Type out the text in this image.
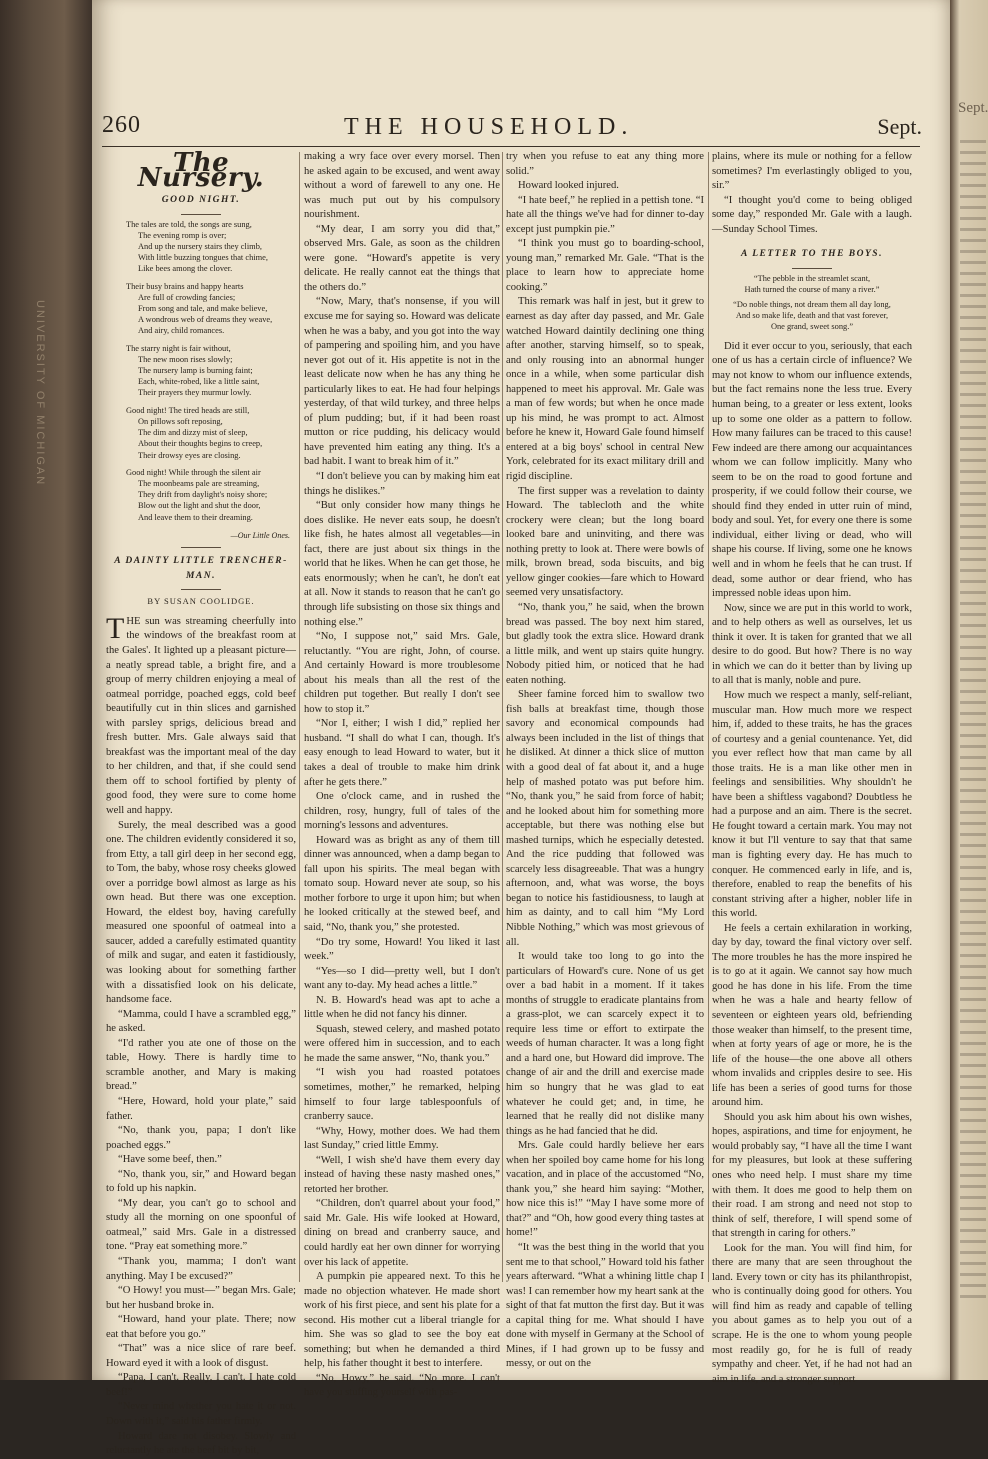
UNIVERSITY OF MICHIGAN
260	THE HOUSEHOLD.	Sept.
The Nursery.
GOOD NIGHT.
The tales are told, the songs are sung,
The evening romp is over;
And up the nursery stairs they climb,
With little buzzing tongues that chime,
Like bees among the clover.
Their busy brains and happy hearts
Are full of crowding fancies;
From song and tale, and make believe,
A wondrous web of dreams they weave,
And airy, child romances.
The starry night is fair without,
The new moon rises slowly;
The nursery lamp is burning faint;
Each, white-robed, like a little saint,
Their prayers they murmur lowly.
Good night! The tired heads are still,
On pillows soft reposing,
The dim and dizzy mist of sleep,
About their thoughts begins to creep,
Their drowsy eyes are closing.
Good night! While through the silent air
The moonbeams pale are streaming,
They drift from daylight's noisy shore;
Blow out the light and shut the door,
And leave them to their dreaming.
—Our Little Ones.
A DAINTY LITTLE TRENCHER-MAN.
BY SUSAN COOLIDGE.

THE sun was streaming cheerfully into the windows of the breakfast room at the Gales'. It lighted up a pleasant picture—a neatly spread table, a bright fire, and a group of merry children enjoying a meal of oatmeal porridge, poached eggs, cold beef beautifully cut in thin slices and garnished with parsley sprigs, delicious bread and fresh butter. Mrs. Gale always said that breakfast was the important meal of the day to her children, and that, if she could send them off to school fortified by plenty of good food, they were sure to come home well and happy.

Surely, the meal described was a good one. The children evidently considered it so, from Etty, a tall girl deep in her second egg, to Tom, the baby, whose rosy cheeks glowed over a porridge bowl almost as large as his own head. But there was one exception. Howard, the eldest boy, having carefully measured one spoonful of oatmeal into a saucer, added a carefully estimated quantity of milk and sugar, and eaten it fastidiously, was looking about for something farther with a dissatisfied look on his delicate, handsome face.

“Mamma, could I have a scrambled egg,” he asked.

“I'd rather you ate one of those on the table, Howy. There is hardly time to scramble another, and Mary is making bread.”

“Here, Howard, hold your plate,” said father.

“No, thank you, papa; I don't like poached eggs.”

“Have some beef, then.”

“No, thank you, sir,” and Howard began to fold up his napkin.

“My dear, you can't go to school and study all the morning on one spoonful of oatmeal,” said Mrs. Gale in a distressed tone. “Pray eat something more.”

“Thank you, mamma; I don't want anything. May I be excused?”

“O Howy! you must—” began Mrs. Gale; but her husband broke in.

“Howard, hand your plate. There; now eat that before you go.”

“That” was a nice slice of rare beef. Howard eyed it with a look of disgust.

“Papa, I can't. Really, I can't. I hate cold beef!”

“Never mind whether you hate it or not. Down with it,” said his father firmly.

Howard dare not disobey. Slowly and reluctantly he ate the beef bit by bit,

making a wry face over every morsel. Then he asked again to be excused, and went away without a word of farewell to any one. He was much put out by his compulsory nourishment.

“My dear, I am sorry you did that,” observed Mrs. Gale, as soon as the children were gone. “Howard's appetite is very delicate. He really cannot eat the things that the others do.”

“Now, Mary, that's nonsense, if you will excuse me for saying so. Howard was delicate when he was a baby, and you got into the way of pampering and spoiling him, and you have never got out of it. His appetite is not in the least delicate now when he has any thing he particularly likes to eat. He had four helpings yesterday, of that wild turkey, and three helps of plum pudding; but, if it had been roast mutton or rice pudding, his delicacy would have prevented him eating any thing. It's a bad habit. I want to break him of it.”

“I don't believe you can by making him eat things he dislikes.”

“But only consider how many things he does dislike. He never eats soup, he doesn't like fish, he hates almost all vegetables—in fact, there are just about six things in the world that he likes. When he can get those, he eats enormously; when he can't, he don't eat at all. Now it stands to reason that he can't go through life subsisting on those six things and nothing else.”

“No, I suppose not,” said Mrs. Gale, reluctantly. “You are right, John, of course. And certainly Howard is more troublesome about his meals than all the rest of the children put together. But really I don't see how to stop it.”

“Nor I, either; I wish I did,” replied her husband. “I shall do what I can, though. It's easy enough to lead Howard to water, but it takes a deal of trouble to make him drink after he gets there.”

One o'clock came, and in rushed the children, rosy, hungry, full of tales of the morning's lessons and adventures.

Howard was as bright as any of them till dinner was announced, when a damp began to fall upon his spirits. The meal began with tomato soup. Howard never ate soup, so his mother forbore to urge it upon him; but when he looked critically at the stewed beef, and said, “No, thank you,” she protested.

“Do try some, Howard! You liked it last week.”

“Yes—so I did—pretty well, but I don't want any to-day. My head aches a little.”

N. B. Howard's head was apt to ache a little when he did not fancy his dinner.

Squash, stewed celery, and mashed potato were offered him in succession, and to each he made the same answer, “No, thank you.”

“I wish you had roasted potatoes sometimes, mother,” he remarked, helping himself to four large tablespoonfuls of cranberry sauce.

“Why, Howy, mother does. We had them last Sunday,” cried little Emmy.

“Well, I wish she'd have them every day instead of having these nasty mashed ones,” retorted her brother.

“Children, don't quarrel about your food,” said Mr. Gale. His wife looked at Howard, dining on bread and cranberry sauce, and could hardly eat her own dinner for worrying over his lack of appetite.

A pumpkin pie appeared next. To this he made no objection whatever. He made short work of his first piece, and sent his plate for a second. His mother cut a liberal triangle for him. She was so glad to see the boy eat something; but when he demanded a third help, his father thought it best to interfere.

“No, Howy,” he said. “No more. I can't have you stuffing yourself with pas-

try when you refuse to eat any thing more solid.”

Howard looked injured.

“I hate beef,” he replied in a pettish tone. “I hate all the things we've had for dinner to-day except just pumpkin pie.”

“I think you must go to boarding-school, young man,” remarked Mr. Gale. “That is the place to learn how to appreciate home cooking.”

This remark was half in jest, but it grew to earnest as day after day passed, and Mr. Gale watched Howard daintily declining one thing after another, starving himself, so to speak, and only rousing into an abnormal hunger once in a while, when some particular dish happened to meet his approval. Mr. Gale was a man of few words; but when he once made up his mind, he was prompt to act. Almost before he knew it, Howard Gale found himself entered at a big boys' school in central New York, celebrated for its exact military drill and rigid discipline.

The first supper was a revelation to dainty Howard. The tablecloth and the white crockery were clean; but the long board looked bare and uninviting, and there was nothing pretty to look at. There were bowls of milk, brown bread, soda biscuits, and big yellow ginger cookies—fare which to Howard seemed very unsatisfactory.

“No, thank you,” he said, when the brown bread was passed. The boy next him stared, but gladly took the extra slice. Howard drank a little milk, and went up stairs quite hungry. Nobody pitied him, or noticed that he had eaten nothing.

Sheer famine forced him to swallow two fish balls at breakfast time, though those savory and economical compounds had always been included in the list of things that he disliked. At dinner a thick slice of mutton with a good deal of fat about it, and a huge help of mashed potato was put before him. “No, thank you,” he said from force of habit; and he looked about him for something more acceptable, but there was nothing else but mashed turnips, which he especially detested. And the rice pudding that followed was scarcely less disagreeable. That was a hungry afternoon, and, what was worse, the boys began to notice his fastidiousness, to laugh at him as dainty, and to call him “My Lord Nibble Nothing,” which was most grievous of all.

It would take too long to go into the particulars of Howard's cure. None of us get over a bad habit in a moment. If it takes months of struggle to eradicate plantains from a grass-plot, we can scarcely expect it to require less time or effort to extirpate the weeds of human character. It was a long fight and a hard one, but Howard did improve. The change of air and the drill and exercise made him so hungry that he was glad to eat whatever he could get; and, in time, he learned that he really did not dislike many things as he had fancied that he did.

Mrs. Gale could hardly believe her ears when her spoiled boy came home for his long vacation, and in place of the accustomed “No, thank you,” she heard him saying: “Mother, how nice this is!” “May I have some more of that?” and “Oh, how good every thing tastes at home!”

“It was the best thing in the world that you sent me to that school,” Howard told his father years afterward. “What a whining little chap I was! I can remember how my heart sank at the sight of that fat mutton the first day. But it was a capital thing for me. What should I have done with myself in Germany at the School of Mines, if I had grown up to be fussy and messy, or out on the

plains, where its mule or nothing for a fellow sometimes? I'm everlastingly obliged to you, sir.”

“I thought you'd come to being obliged some day,” responded Mr. Gale with a laugh.—Sunday School Times.

A LETTER TO THE BOYS.
“The pebble in the streamlet scant,
Hath turned the course of many a river.”
“Do noble things, not dream them all day long,
And so make life, death and that vast forever,
One grand, sweet song.”

Did it ever occur to you, seriously, that each one of us has a certain circle of influence? We may not know to whom our influence extends, but the fact remains none the less true. Every human being, to a greater or less extent, looks up to some one older as a pattern to follow. How many failures can be traced to this cause! Few indeed are there among our acquaintances whom we can follow implicitly. Many who seem to be on the road to good fortune and prosperity, if we could follow their course, we should find they ended in utter ruin of mind, body and soul. Yet, for every one there is some individual, either living or dead, who will shape his course. If living, some one he knows well and in whom he feels that he can trust. If dead, some author or dear friend, who has impressed noble ideas upon him.

Now, since we are put in this world to work, and to help others as well as ourselves, let us think it over. It is taken for granted that we all desire to do good. But how? There is no way in which we can do it better than by living up to all that is manly, noble and pure.

How much we respect a manly, self-reliant, muscular man. How much more we respect him, if, added to these traits, he has the graces of courtesy and a genial countenance. Yet, did you ever reflect how that man came by all those traits. He is a man like other men in feelings and sensibilities. Why shouldn't he have been a shiftless vagabond? Doubtless he had a purpose and an aim. There is the secret. He fought toward a certain mark. You may not know it but I'll venture to say that that same man is fighting every day. He has much to conquer. He commenced early in life, and is, therefore, enabled to reap the benefits of his constant striving after a higher, nobler life in this world.

He feels a certain exhilaration in working, day by day, toward the final victory over self. The more troubles he has the more inspired he is to go at it again. We cannot say how much good he has done in his life. From the time when he was a hale and hearty fellow of seventeen or eighteen years old, befriending those weaker than himself, to the present time, when at forty years of age or more, he is the life of the house—the one above all others whom invalids and cripples desire to see. His life has been a series of good turns for those around him.

Should you ask him about his own wishes, hopes, aspirations, and time for enjoyment, he would probably say, “I have all the time I want for my pleasures, but look at these suffering ones who need help. I must share my time with them. It does me good to help them on their road. I am strong and need not stop to think of self, therefore, I will spend some of that strength in caring for others.”

Look for the man. You will find him, for there are many that are seen throughout the land. Every town or city has its philanthropist, who is continually doing good for others. You will find him as ready and capable of telling you about games as to help you out of a scrape. He is the one to whom young people most readily go, for he is full of ready sympathy and cheer. Yet, if he had not had an aim in life, and a stronger support

Sept.
